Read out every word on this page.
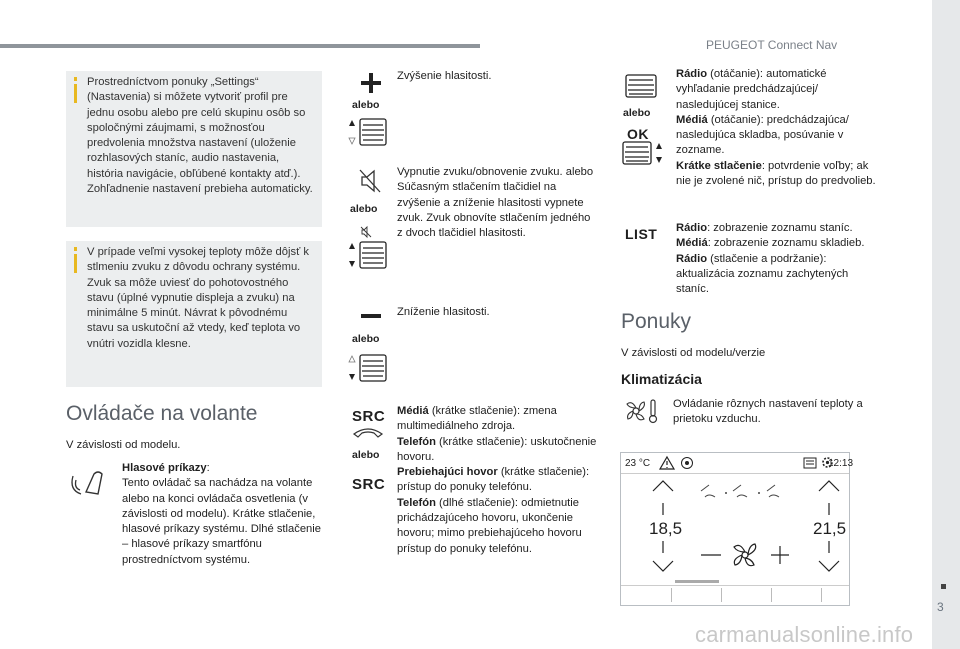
PEUGEOT Connect Nav
3
carmanualsonline.info
Prostredníctvom ponuky „Settings“ (Nastavenia) si môžete vytvoriť profil pre jednu osobu alebo pre celú skupinu osôb so spoločnými záujmami, s možnosťou predvolenia množstva nastavení (uloženie rozhlasových staníc, audio nastavenia, história navigácie, obľúbené kontakty atď.). Zohľadnenie nastavení prebieha automaticky.
V prípade veľmi vysokej teploty môže dôjsť k stlmeniu zvuku z dôvodu ochrany systému. Zvuk sa môže uviesť do pohotovostného stavu (úplné vypnutie displeja a zvuku) na minimálne 5 minút. Návrat k pôvodnému stavu sa uskutoční až vtedy, keď teplota vo vnútri vozidla klesne.
Ovládače na volante
V závislosti od modelu.
Hlasové príkazy:
Tento ovládač sa nachádza na volante alebo na konci ovládača osvetlenia (v závislosti od modelu). Krátke stlačenie, hlasové príkazy systému. Dlhé stlačenie – hlasové príkazy smartfónu prostredníctvom systému.
alebo
Zvýšenie hlasitosti.
alebo
Vypnutie zvuku/obnovenie zvuku. alebo Súčasným stlačením tlačidiel na zvýšenie a zníženie hlasitosti vypnete zvuk. Zvuk obnovíte stlačením jedného z dvoch tlačidiel hlasitosti.
alebo
Zníženie hlasitosti.
SRC
alebo
SRC
Médiá (krátke stlačenie): zmena multimediálneho zdroja.
Telefón (krátke stlačenie): uskutočnenie hovoru.
Prebiehajúci hovor (krátke stlačenie): prístup do ponuky telefónu.
Telefón (dlhé stlačenie): odmietnutie prichádzajúceho hovoru, ukončenie hovoru; mimo prebiehajúceho hovoru prístup do ponuky telefónu.
alebo
OK
Rádio (otáčanie): automatické vyhľadanie predchádzajúcej/ nasledujúcej stanice.
Médiá (otáčanie): predchádzajúca/ nasledujúca skladba, posúvanie v zozname.
Krátke stlačenie: potvrdenie voľby; ak nie je zvolené nič, prístup do predvolieb.
LIST Rádio: zobrazenie zoznamu staníc.
Médiá: zobrazenie zoznamu skladieb.
Rádio (stlačenie a podržanie): aktualizácia zoznamu zachytených staníc.
Ponuky
V závislosti od modelu/verzie
Klimatizácia
Ovládanie rôznych nastavení teploty a prietoku vzduchu.
23 °C	12:13
18,5	21,5
